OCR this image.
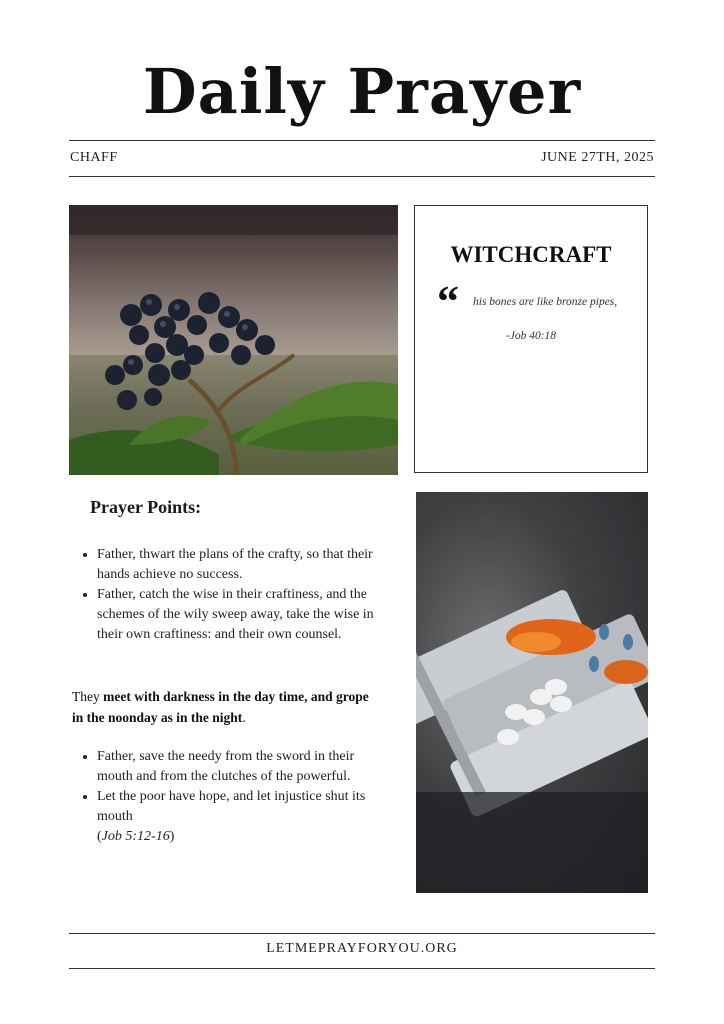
Daily Prayer
CHAFF	JUNE 27TH, 2025
WITCHCRAFT
“ his bones are like bronze pipes,
-Job 40:18
Prayer Points:
• Father, thwart the plans of the crafty, so that their hands achieve no success.
• Father, catch the wise in their craftiness, and the schemes of the wily sweep away, take the wise in their own craftiness: and their own counsel.
They meet with darkness in the day time, and grope in the noonday as in the night.
• Father, save the needy from the sword in their mouth and from the clutches of the powerful.
• Let the poor have hope, and let injustice shut its mouth
(Job 5:12-16)
LETMEPRAYFORYOU.ORG
